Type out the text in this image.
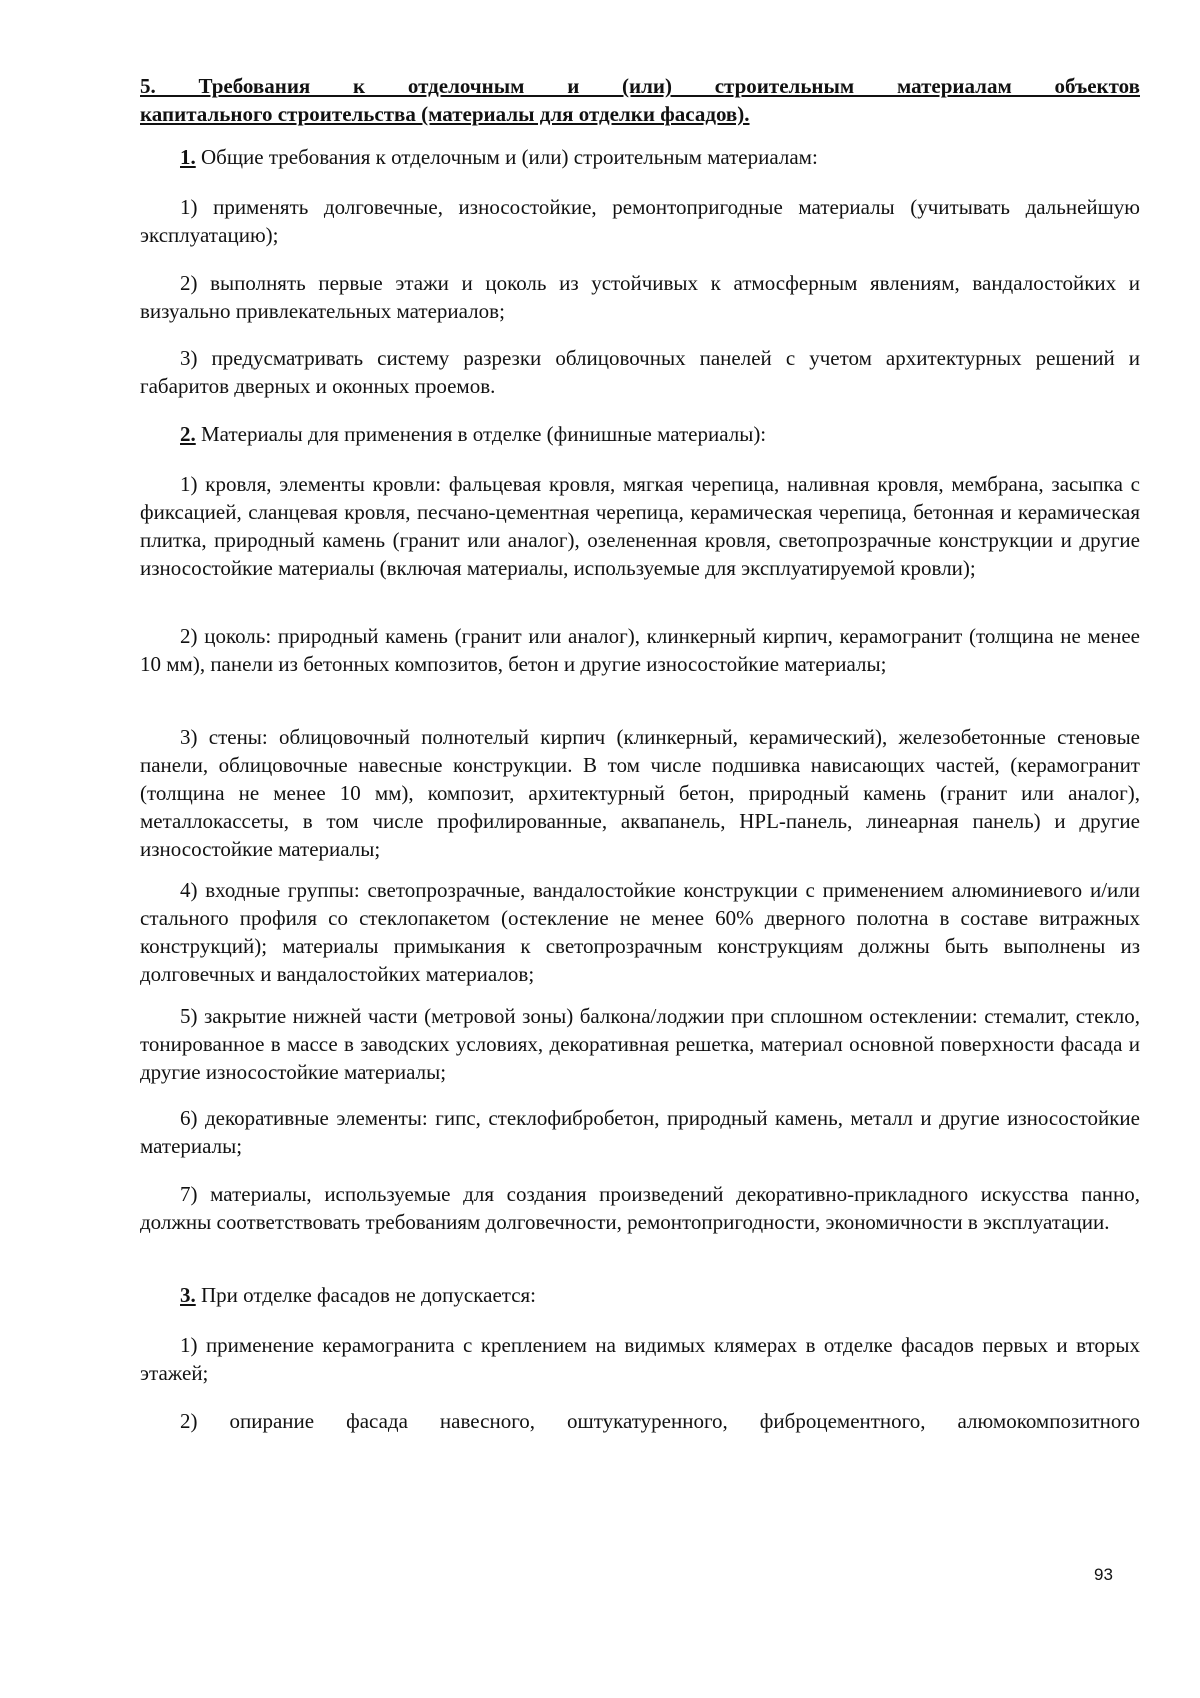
5. Требования к отделочным и (или) строительным материалам объектов
капитального строительства (материалы для отделки фасадов).

1. Общие требования к отделочным и (или) строительным материалам:

1) применять долговечные, износостойкие, ремонтопригодные материалы (учитывать дальнейшую эксплуатацию);

2) выполнять первые этажи и цоколь из устойчивых к атмосферным явлениям, вандалостойких и визуально привлекательных материалов;

3) предусматривать систему разрезки облицовочных панелей с учетом архитектурных решений и габаритов дверных и оконных проемов.

2. Материалы для применения в отделке (финишные материалы):

1) кровля, элементы кровли: фальцевая кровля, мягкая черепица, наливная кровля, мембрана, засыпка с фиксацией, сланцевая кровля, песчано-цементная черепица, керамическая черепица, бетонная и керамическая плитка, природный камень (гранит или аналог), озелененная кровля, светопрозрачные конструкции и другие износостойкие материалы (включая материалы, используемые для эксплуатируемой кровли);

2) цоколь: природный камень (гранит или аналог), клинкерный кирпич, керамогранит (толщина не менее 10 мм), панели из бетонных композитов, бетон и другие износостойкие материалы;

3) стены: облицовочный полнотелый кирпич (клинкерный, керамический), железобетонные стеновые панели, облицовочные навесные конструкции. В том числе подшивка нависающих частей, (керамогранит (толщина не менее 10 мм), композит, архитектурный бетон, природный камень (гранит или аналог), металлокассеты, в том числе профилированные, аквапанель, HPL-панель, линеарная панель) и другие износостойкие материалы;

4) входные группы: светопрозрачные, вандалостойкие конструкции с применением алюминиевого и/или стального профиля со стеклопакетом (остекление не менее 60% дверного полотна в составе витражных конструкций); материалы примыкания к светопрозрачным конструкциям должны быть выполнены из долговечных и вандалостойких материалов;

5) закрытие нижней части (метровой зоны) балкона/лоджии при сплошном остеклении: стемалит, стекло, тонированное в массе в заводских условиях, декоративная решетка, материал основной поверхности фасада и другие износостойкие материалы;

6) декоративные элементы: гипс, стеклофибробетон, природный камень, металл и другие износостойкие материалы;

7) материалы, используемые для создания произведений декоративно-прикладного искусства панно, должны соответствовать требованиям долговечности, ремонтопригодности, экономичности в эксплуатации.

3. При отделке фасадов не допускается:

1) применение керамогранита с креплением на видимых клямерах в отделке фасадов первых и вторых этажей;

2) опирание фасада навесного, оштукатуренного, фиброцементного, алюмокомпозитного

93
